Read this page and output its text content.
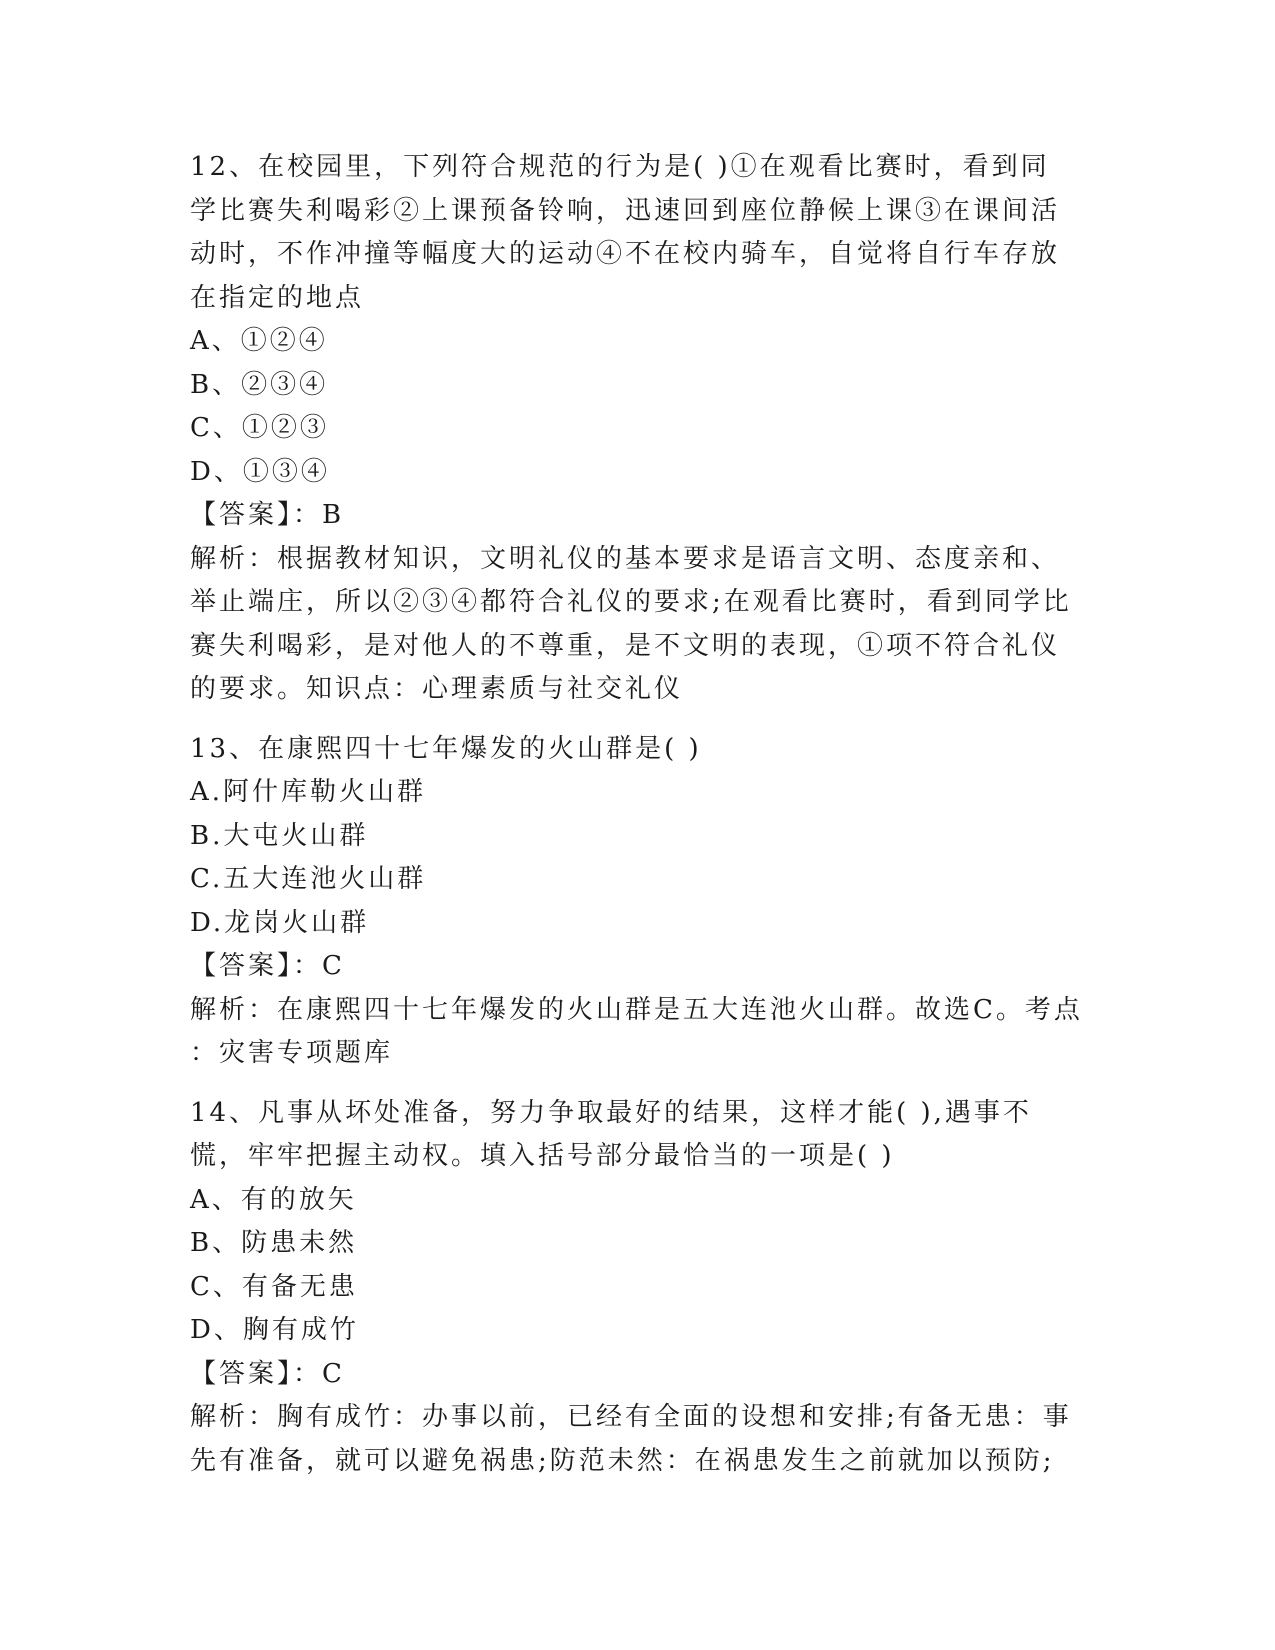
12、在校园里，下列符合规范的行为是( )①在观看比赛时，看到同
学比赛失利喝彩②上课预备铃响，迅速回到座位静候上课③在课间活
动时，不作冲撞等幅度大的运动④不在校内骑车，自觉将自行车存放
在指定的地点
A、①②④
B、②③④
C、①②③
D、①③④
【答案】：B
解析：根据教材知识，文明礼仪的基本要求是语言文明、态度亲和、
举止端庄，所以②③④都符合礼仪的要求;在观看比赛时，看到同学比
赛失利喝彩，是对他人的不尊重，是不文明的表现，①项不符合礼仪
的要求。知识点：心理素质与社交礼仪
13、在康熙四十七年爆发的火山群是( )
A.阿什库勒火山群
B.大屯火山群
C.五大连池火山群
D.龙岗火山群
【答案】：C
解析：在康熙四十七年爆发的火山群是五大连池火山群。故选C。考点
：灾害专项题库
14、凡事从坏处准备，努力争取最好的结果，这样才能( ),遇事不
慌，牢牢把握主动权。填入括号部分最恰当的一项是( )
A、有的放矢
B、防患未然
C、有备无患
D、胸有成竹
【答案】：C
解析：胸有成竹：办事以前，已经有全面的设想和安排;有备无患：事
先有准备，就可以避免祸患;防范未然：在祸患发生之前就加以预防;
